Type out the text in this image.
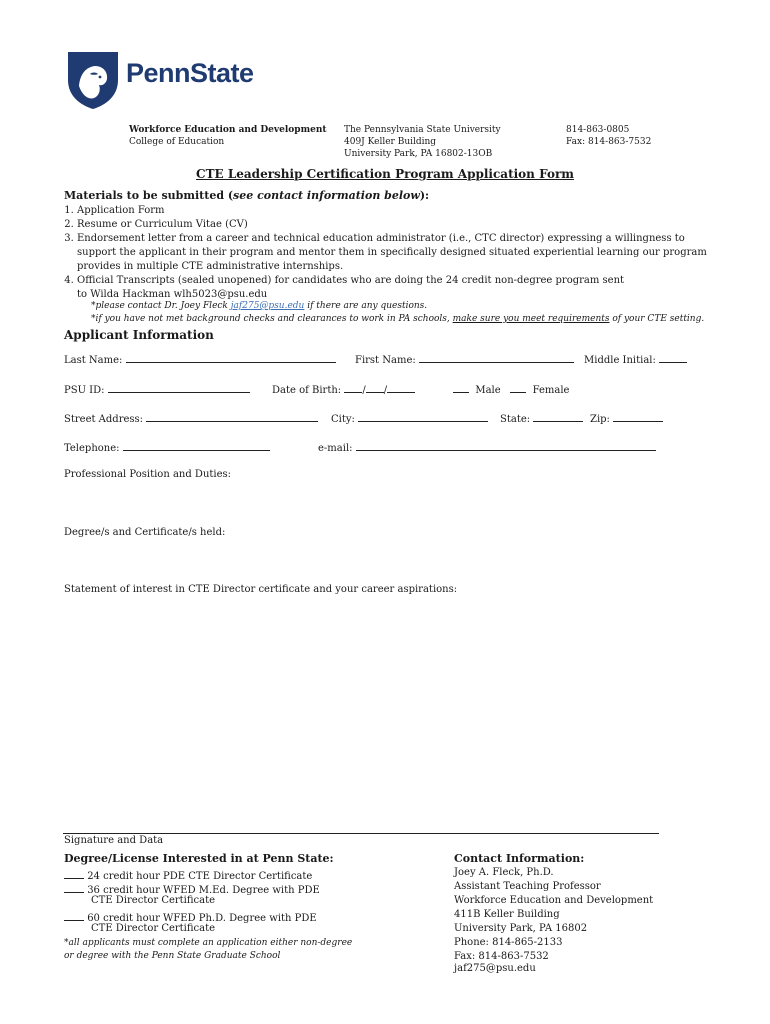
PennState
Workforce Education and Development
College of Education
The Pennsylvania State University
409J Keller Building
University Park, PA 16802-13OB
814-863-0805
Fax: 814-863-7532
CTE Leadership Certification Program Application Form
Materials to be submitted (see contact information below):
1. Application Form
2. Resume or Curriculum Vitae (CV)
3. Endorsement letter from a career and technical education administrator (i.e., CTC director) expressing a willingness to support the applicant in their program and mentor them in specifically designed situated experiential learning our program provides in multiple CTE administrative internships.
4. Official Transcripts (sealed unopened) for candidates who are doing the 24 credit non-degree program sent to Wilda Hackman wlh5023@psu.edu
*please contact Dr. Joey Fleck jaf275@psu.edu if there are any questions.
*if you have not met background checks and clearances to work in PA schools, make sure you meet requirements of your CTE setting.
Applicant Information
Last Name:	First Name:	Middle Initial:
PSU ID:	Date of Birth: / /	Male	Female
Street Address:	City:	State:	Zip:
Telephone:	e-mail:
Professional Position and Duties:
Degree/s and Certificate/s held:
Statement of interest in CTE Director certificate and your career aspirations:
Signature and Data
Degree/License Interested in at Penn State:
24 credit hour PDE CTE Director Certificate
36 credit hour WFED M.Ed. Degree with PDE
CTE Director Certificate
60 credit hour WFED Ph.D. Degree with PDE
CTE Director Certificate
*all applicants must complete an application either non-degree
or degree with the Penn State Graduate School
Contact Information:
Joey A. Fleck, Ph.D.
Assistant Teaching Professor
Workforce Education and Development
411B Keller Building
University Park, PA 16802
Phone: 814-865-2133
Fax: 814-863-7532
jaf275@psu.edu
